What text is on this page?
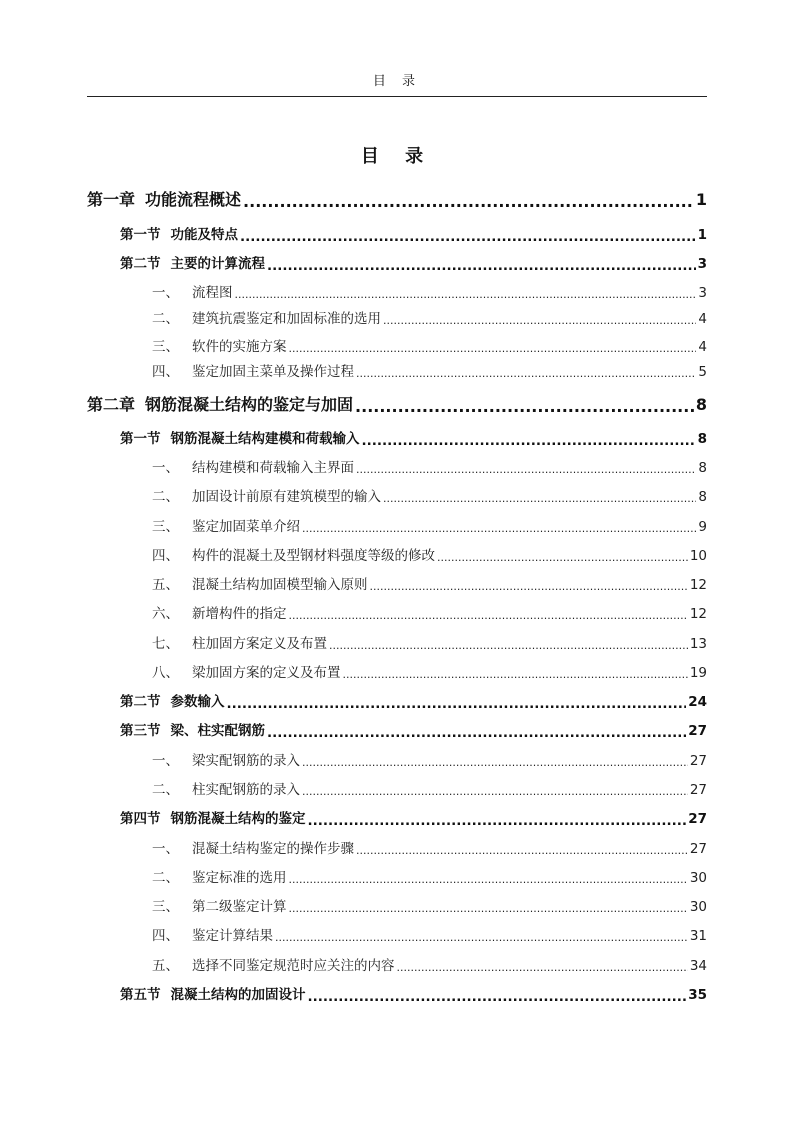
目 录
目 录
第一章 功能流程概述 .....	1
第一节 功能及特点 .....	1
第二节 主要的计算流程 .....	3
一、 流程图 .....	3
二、 建筑抗震鉴定和加固标准的选用 .....	4
三、 软件的实施方案 .....	4
四、 鉴定加固主菜单及操作过程 .....	5
第二章 钢筋混凝土结构的鉴定与加固 .....	8
第一节 钢筋混凝土结构建模和荷载输入 .....	8
一、 结构建模和荷载输入主界面 .....	8
二、 加固设计前原有建筑模型的输入 .....	8
三、 鉴定加固菜单介绍 .....	9
四、 构件的混凝土及型钢材料强度等级的修改 .....	10
五、 混凝土结构加固模型输入原则 .....	12
六、 新增构件的指定 .....	12
七、 柱加固方案定义及布置 .....	13
八、 梁加固方案的定义及布置 .....	19
第二节 参数输入 .....	24
第三节 梁、柱实配钢筋 .....	27
一、 梁实配钢筋的录入 .....	27
二、 柱实配钢筋的录入 .....	27
第四节 钢筋混凝土结构的鉴定 .....	27
一、 混凝土结构鉴定的操作步骤 .....	27
二、 鉴定标准的选用 .....	30
三、 第二级鉴定计算 .....	30
四、 鉴定计算结果 .....	31
五、 选择不同鉴定规范时应关注的内容 .....	34
第五节 混凝土结构的加固设计 .....	35
